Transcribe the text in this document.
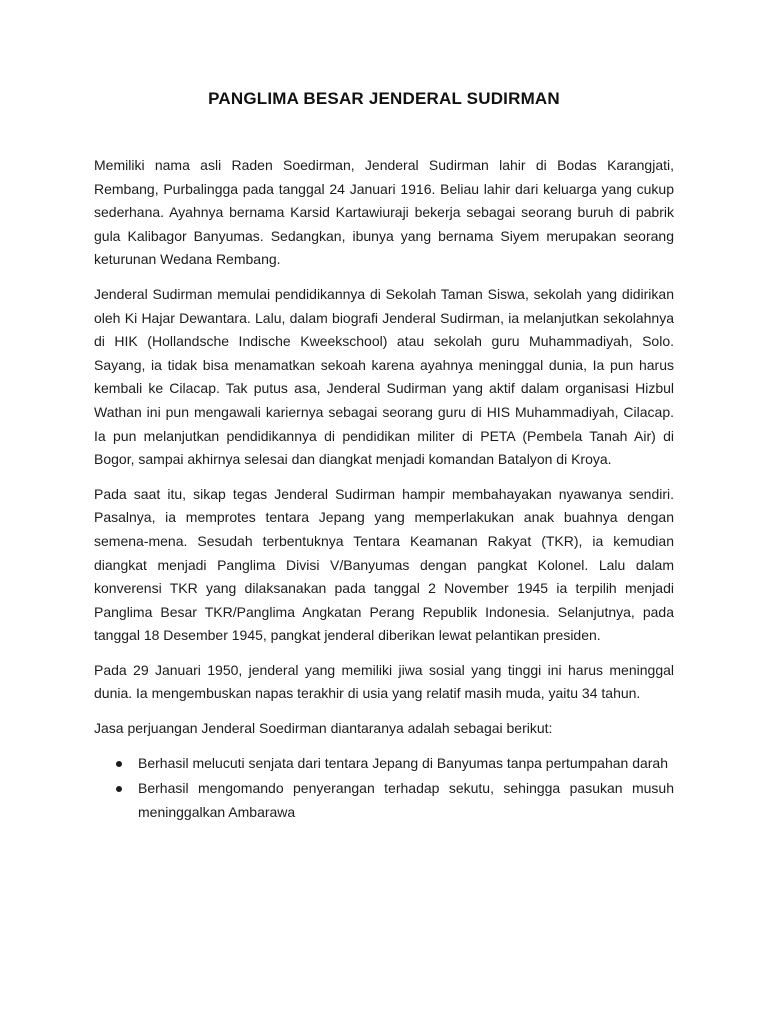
PANGLIMA BESAR JENDERAL SUDIRMAN

Memiliki nama asli Raden Soedirman, Jenderal Sudirman lahir di Bodas Karangjati, Rembang, Purbalingga pada tanggal 24 Januari 1916. Beliau lahir dari keluarga yang cukup sederhana. Ayahnya bernama Karsid Kartawiuraji bekerja sebagai seorang buruh di pabrik gula Kalibagor Banyumas. Sedangkan, ibunya yang bernama Siyem merupakan seorang keturunan Wedana Rembang.

Jenderal Sudirman memulai pendidikannya di Sekolah Taman Siswa, sekolah yang didirikan oleh Ki Hajar Dewantara. Lalu, dalam biografi Jenderal Sudirman, ia melanjutkan sekolahnya di HIK (Hollandsche Indische Kweekschool) atau sekolah guru Muhammadiyah, Solo. Sayang, ia tidak bisa menamatkan sekoah karena ayahnya meninggal dunia, Ia pun harus kembali ke Cilacap. Tak putus asa, Jenderal Sudirman yang aktif dalam organisasi Hizbul Wathan ini pun mengawali kariernya sebagai seorang guru di HIS Muhammadiyah, Cilacap. Ia pun melanjutkan pendidikannya di pendidikan militer di PETA (Pembela Tanah Air) di Bogor, sampai akhirnya selesai dan diangkat menjadi komandan Batalyon di Kroya.

Pada saat itu, sikap tegas Jenderal Sudirman hampir membahayakan nyawanya sendiri. Pasalnya, ia memprotes tentara Jepang yang memperlakukan anak buahnya dengan semena-mena. Sesudah terbentuknya Tentara Keamanan Rakyat (TKR), ia kemudian diangkat menjadi Panglima Divisi V/Banyumas dengan pangkat Kolonel. Lalu dalam konverensi TKR yang dilaksanakan pada tanggal 2 November 1945 ia terpilih menjadi Panglima Besar TKR/Panglima Angkatan Perang Republik Indonesia. Selanjutnya, pada tanggal 18 Desember 1945, pangkat jenderal diberikan lewat pelantikan presiden.

Pada 29 Januari 1950, jenderal yang memiliki jiwa sosial yang tinggi ini harus meninggal dunia. Ia mengembuskan napas terakhir di usia yang relatif masih muda, yaitu 34 tahun.

Jasa perjuangan Jenderal Soedirman diantaranya adalah sebagai berikut:

Berhasil melucuti senjata dari tentara Jepang di Banyumas tanpa pertumpahan darah
Berhasil mengomando penyerangan terhadap sekutu, sehingga pasukan musuh meninggalkan Ambarawa
